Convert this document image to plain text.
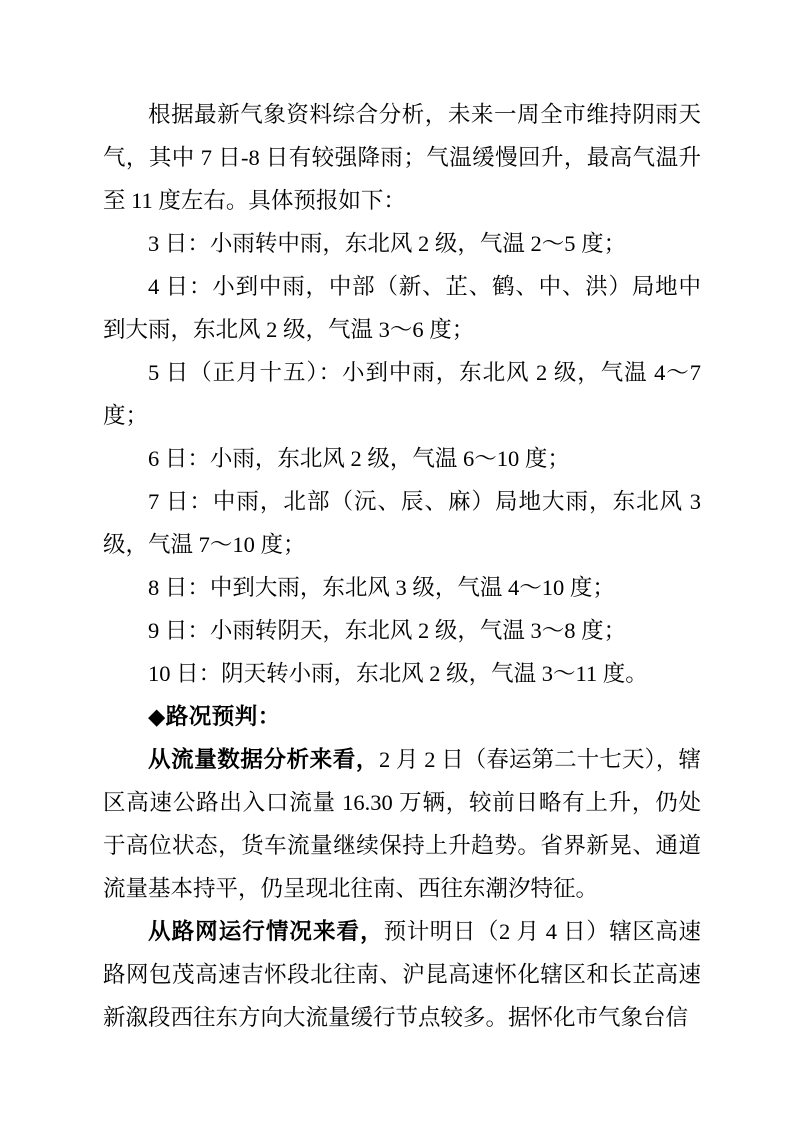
根据最新气象资料综合分析，未来一周全市维持阴雨天气，其中 7 日-8 日有较强降雨；气温缓慢回升，最高气温升至 11 度左右。具体预报如下：

3 日：小雨转中雨，东北风 2 级，气温 2～5 度；

4 日：小到中雨，中部（新、芷、鹤、中、洪）局地中到大雨，东北风 2 级，气温 3～6 度；

5 日（正月十五）：小到中雨，东北风 2 级，气温 4～7 度；

6 日：小雨，东北风 2 级，气温 6～10 度；

7 日：中雨，北部（沅、辰、麻）局地大雨，东北风 3 级，气温 7～10 度；

8 日：中到大雨，东北风 3 级，气温 4～10 度；

9 日：小雨转阴天，东北风 2 级，气温 3～8 度；

10 日：阴天转小雨，东北风 2 级，气温 3～11 度。

◆路况预判：

从流量数据分析来看，2 月 2 日（春运第二十七天），辖区高速公路出入口流量 16.30 万辆，较前日略有上升，仍处于高位状态，货车流量继续保持上升趋势。省界新晃、通道流量基本持平，仍呈现北往南、西往东潮汐特征。

从路网运行情况来看，预计明日（2 月 4 日）辖区高速路网包茂高速吉怀段北往南、沪昆高速怀化辖区和长芷高速新溆段西往东方向大流量缓行节点较多。据怀化市气象台信
